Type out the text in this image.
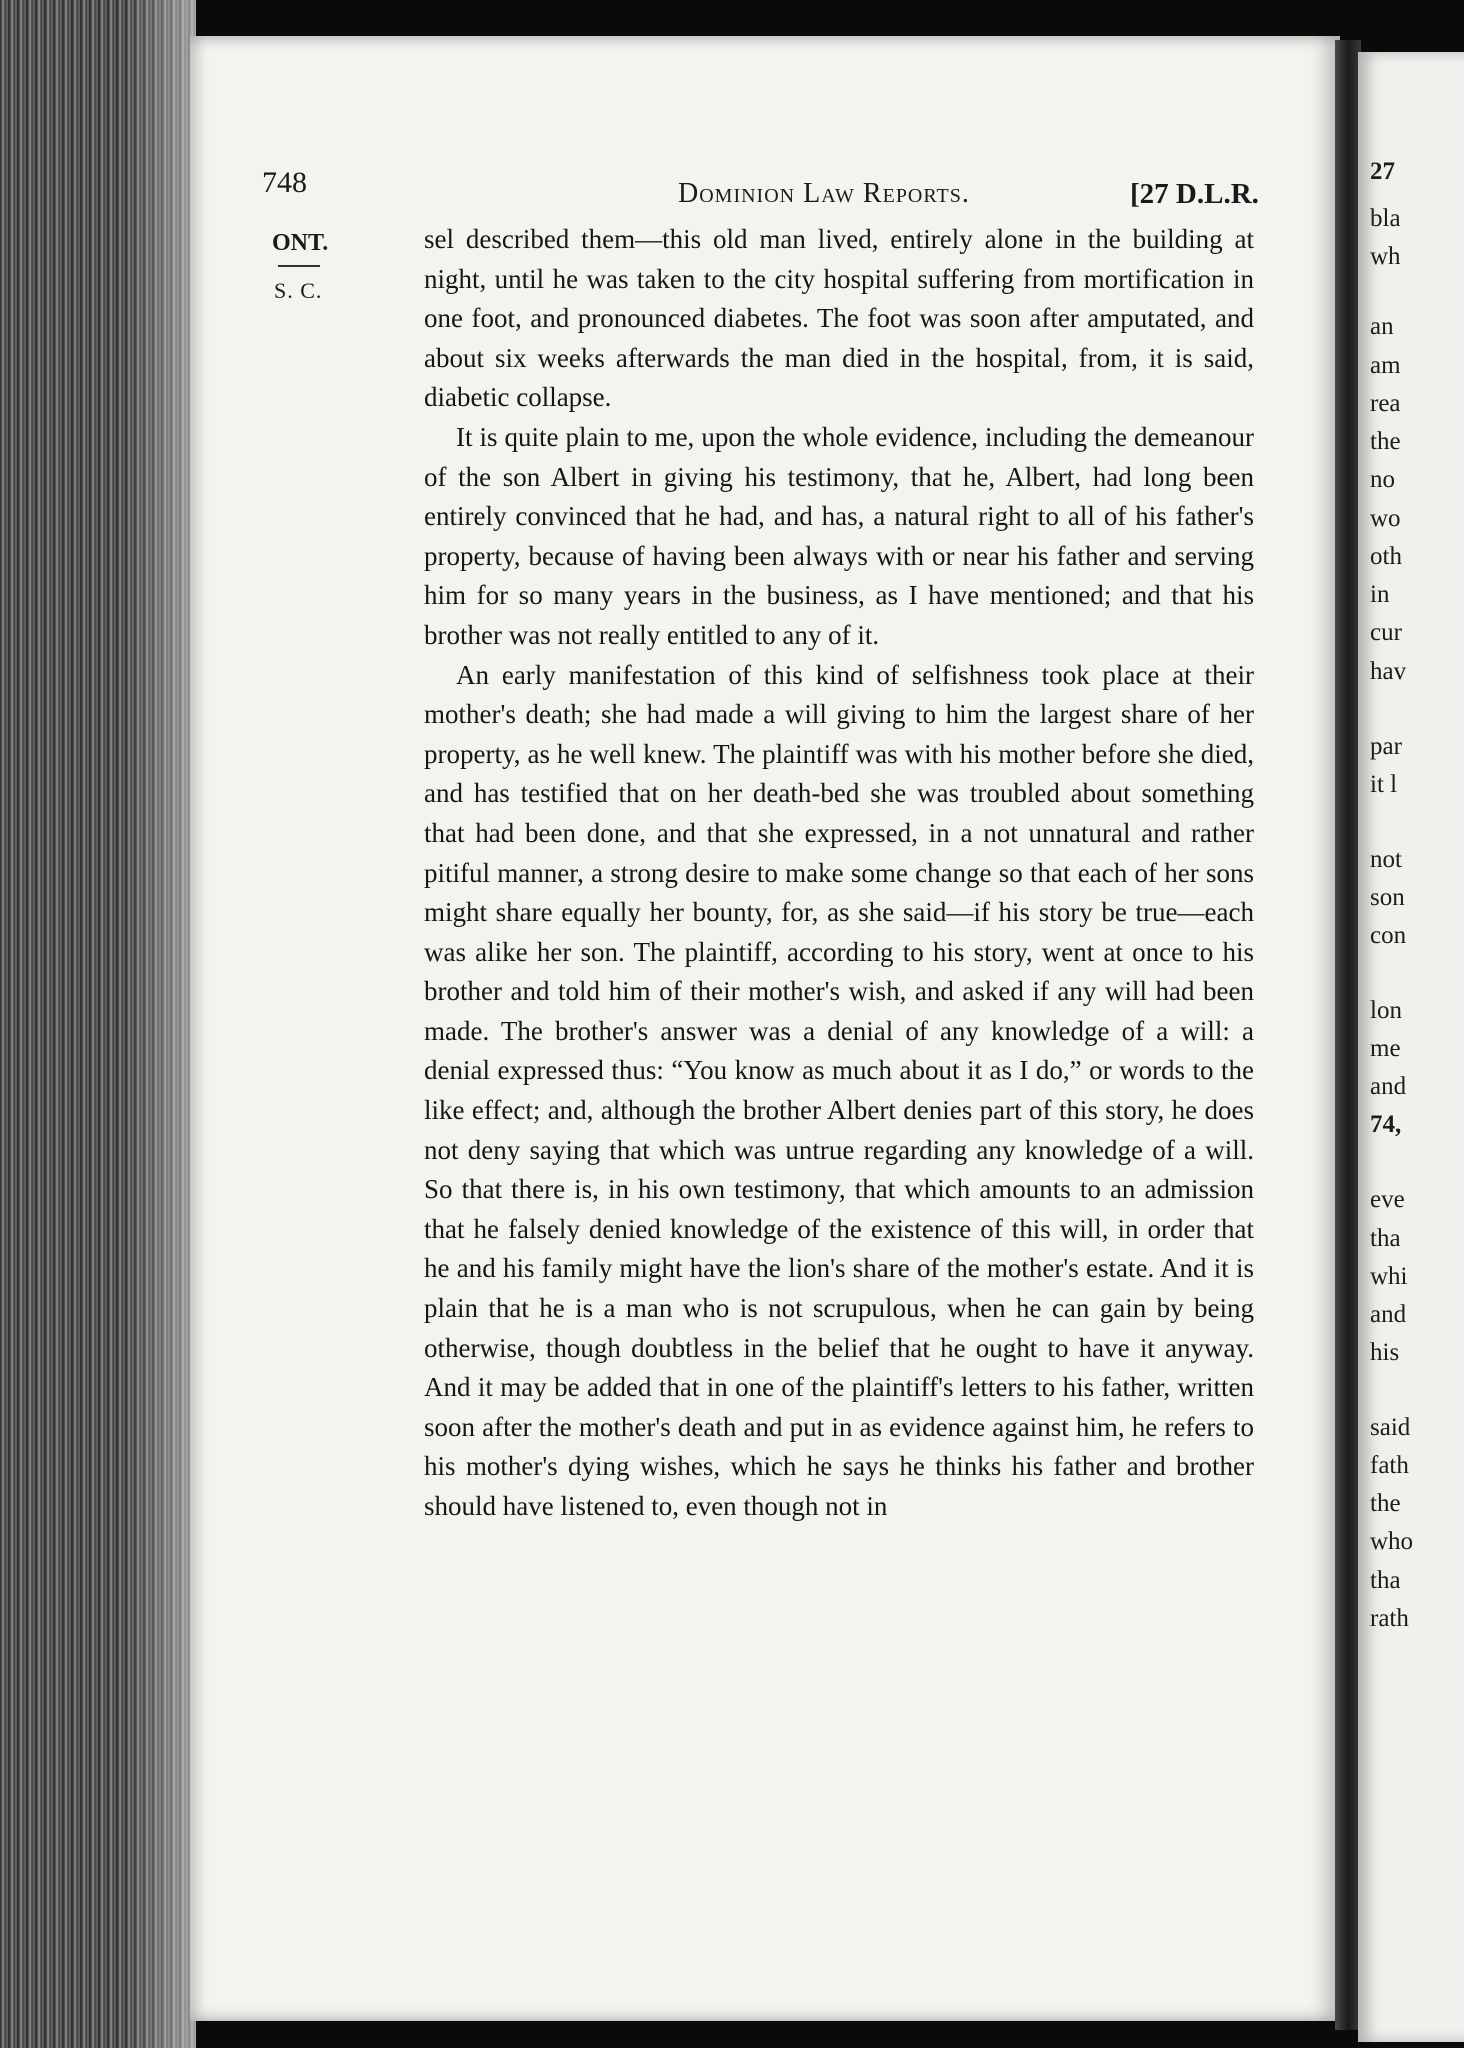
748	Dominion Law Reports.	[27 D.L.R.
ONT.
S. C.

sel described them—this old man lived, entirely alone in the building at night, until he was taken to the city hospital suffering from mortification in one foot, and pronounced diabetes. The foot was soon after amputated, and about six weeks afterwards the man died in the hospital, from, it is said, diabetic collapse.

It is quite plain to me, upon the whole evidence, including the demeanour of the son Albert in giving his testimony, that he, Albert, had long been entirely convinced that he had, and has, a natural right to all of his father's property, because of having been always with or near his father and serving him for so many years in the business, as I have mentioned; and that his brother was not really entitled to any of it.

An early manifestation of this kind of selfishness took place at their mother's death; she had made a will giving to him the largest share of her property, as he well knew. The plaintiff was with his mother before she died, and has testified that on her death-bed she was troubled about something that had been done, and that she expressed, in a not unnatural and rather pitiful manner, a strong desire to make some change so that each of her sons might share equally her bounty, for, as she said—if his story be true—each was alike her son. The plaintiff, according to his story, went at once to his brother and told him of their mother's wish, and asked if any will had been made. The brother's answer was a denial of any knowledge of a will: a denial expressed thus: “You know as much about it as I do,” or words to the like effect; and, although the brother Albert denies part of this story, he does not deny saying that which was untrue regarding any knowledge of a will. So that there is, in his own testimony, that which amounts to an admission that he falsely denied knowledge of the existence of this will, in order that he and his family might have the lion's share of the mother's estate. And it is plain that he is a man who is not scrupulous, when he can gain by being otherwise, though doubtless in the belief that he ought to have it anyway. And it may be added that in one of the plaintiff's letters to his father, written soon after the mother's death and put in as evidence against him, he refers to his mother's dying wishes, which he says he thinks his father and brother should have listened to, even though not in

27
bla
wh
an
am
rea
the
no
wo
oth
in
cur
hav
par
it l
not
son
con
lon
me
and
74,
eve
tha
whi
and
his
said
fath
the
who
tha
rath
